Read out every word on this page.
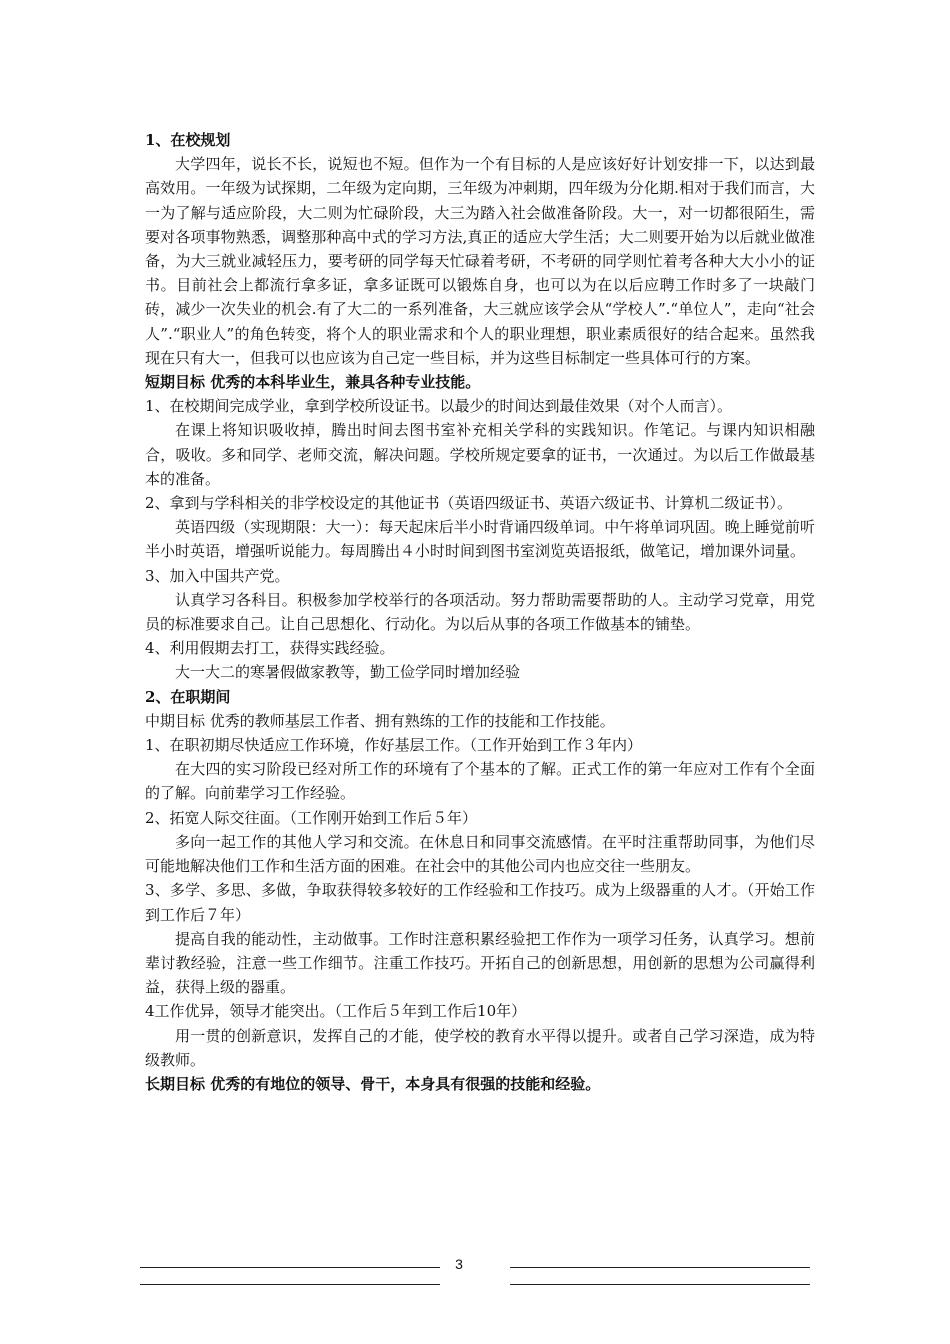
1、在校规划

大学四年，说长不长，说短也不短。但作为一个有目标的人是应该好好计划安排一下，以达到最高效用。一年级为试探期，二年级为定向期，三年级为冲刺期，四年级为分化期.相对于我们而言，大一为了解与适应阶段，大二则为忙碌阶段，大三为踏入社会做准备阶段。大一，对一切都很陌生，需要对各项事物熟悉，调整那种高中式的学习方法,真正的适应大学生活；大二则要开始为以后就业做准备，为大三就业减轻压力，要考研的同学每天忙碌着考研，不考研的同学则忙着考各种大大小小的证书。目前社会上都流行拿多证，拿多证既可以锻炼自身，也可以为在以后应聘工作时多了一块敲门砖，减少一次失业的机会.有了大二的一系列准备，大三就应该学会从“学校人”.“单位人”，走向“社会人”.“职业人”的角色转变，将个人的职业需求和个人的职业理想，职业素质很好的结合起来。虽然我现在只有大一，但我可以也应该为自己定一些目标，并为这些目标制定一些具体可行的方案。

短期目标 优秀的本科毕业生，兼具各种专业技能。

1、在校期间完成学业，拿到学校所设证书。以最少的时间达到最佳效果（对个人而言）。

在课上将知识吸收掉，腾出时间去图书室补充相关学科的实践知识。作笔记。与课内知识相融合，吸收。多和同学、老师交流，解决问题。学校所规定要拿的证书，一次通过。为以后工作做最基本的准备。

2、拿到与学科相关的非学校设定的其他证书（英语四级证书、英语六级证书、计算机二级证书）。

英语四级（实现期限：大一）：每天起床后半小时背诵四级单词。中午将单词巩固。晚上睡觉前听半小时英语，增强听说能力。每周腾出４小时时间到图书室浏览英语报纸，做笔记，增加课外词量。

3、加入中国共产党。

认真学习各科目。积极参加学校举行的各项活动。努力帮助需要帮助的人。主动学习党章，用党员的标准要求自己。让自己思想化、行动化。为以后从事的各项工作做基本的铺垫。

4、利用假期去打工，获得实践经验。

大一大二的寒暑假做家教等，勤工俭学同时增加经验

2、在职期间

中期目标 优秀的教师基层工作者、拥有熟练的工作的技能和工作技能。

1、在职初期尽快适应工作环境，作好基层工作。（工作开始到工作３年内）

在大四的实习阶段已经对所工作的环境有了个基本的了解。正式工作的第一年应对工作有个全面的了解。向前辈学习工作经验。

2、拓宽人际交往面。（工作刚开始到工作后５年）

多向一起工作的其他人学习和交流。在休息日和同事交流感情。在平时注重帮助同事，为他们尽可能地解决他们工作和生活方面的困难。在社会中的其他公司内也应交往一些朋友。

3、多学、多思、多做，争取获得较多较好的工作经验和工作技巧。成为上级器重的人才。（开始工作到工作后７年）

提高自我的能动性，主动做事。工作时注意积累经验把工作作为一项学习任务，认真学习。想前辈讨教经验，注意一些工作细节。注重工作技巧。开拓自己的创新思想，用创新的思想为公司赢得利益，获得上级的器重。

4工作优异，领导才能突出。（工作后５年到工作后10年）

用一贯的创新意识，发挥自己的才能，使学校的教育水平得以提升。或者自己学习深造，成为特级教师。

长期目标 优秀的有地位的领导、骨干，本身具有很强的技能和经验。

3
